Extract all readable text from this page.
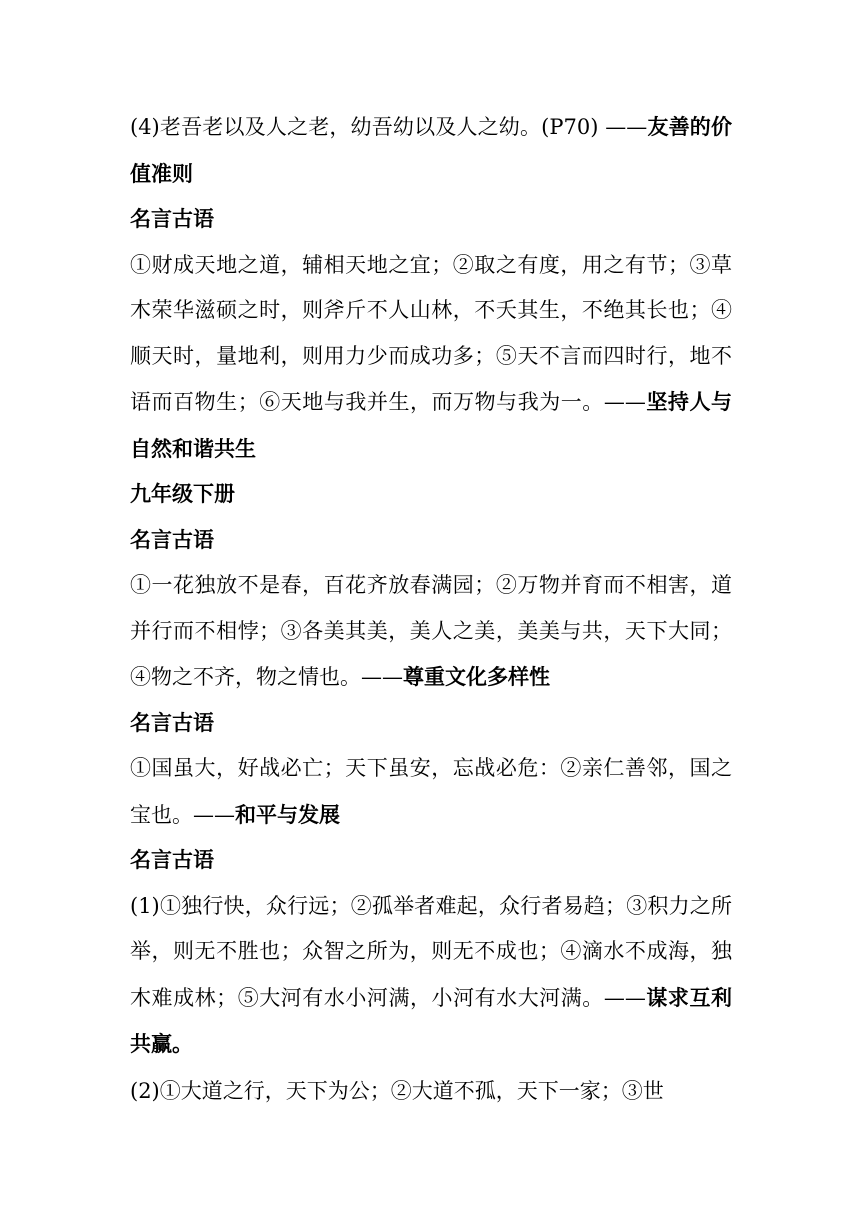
(4)老吾老以及人之老，幼吾幼以及人之幼。(P70) ——友善的价值准则

名言古语

①财成天地之道，辅相天地之宜；②取之有度，用之有节；③草木荣华滋硕之时，则斧斤不人山林，不夭其生，不绝其长也；④顺天时，量地利，则用力少而成功多；⑤天不言而四时行，地不语而百物生；⑥天地与我并生，而万物与我为一。——坚持人与自然和谐共生

九年级下册

名言古语

①一花独放不是春，百花齐放春满园；②万物并育而不相害，道并行而不相悖；③各美其美，美人之美，美美与共，天下大同；④物之不齐，物之情也。——尊重文化多样性

名言古语

①国虽大，好战必亡；天下虽安，忘战必危：②亲仁善邻，国之宝也。——和平与发展

名言古语

(1)①独行快，众行远；②孤举者难起，众行者易趋；③积力之所举，则无不胜也；众智之所为，则无不成也；④滴水不成海，独木难成林；⑤大河有水小河满，小河有水大河满。——谋求互利共赢。

(2)①大道之行，天下为公；②大道不孤，天下一家；③世
